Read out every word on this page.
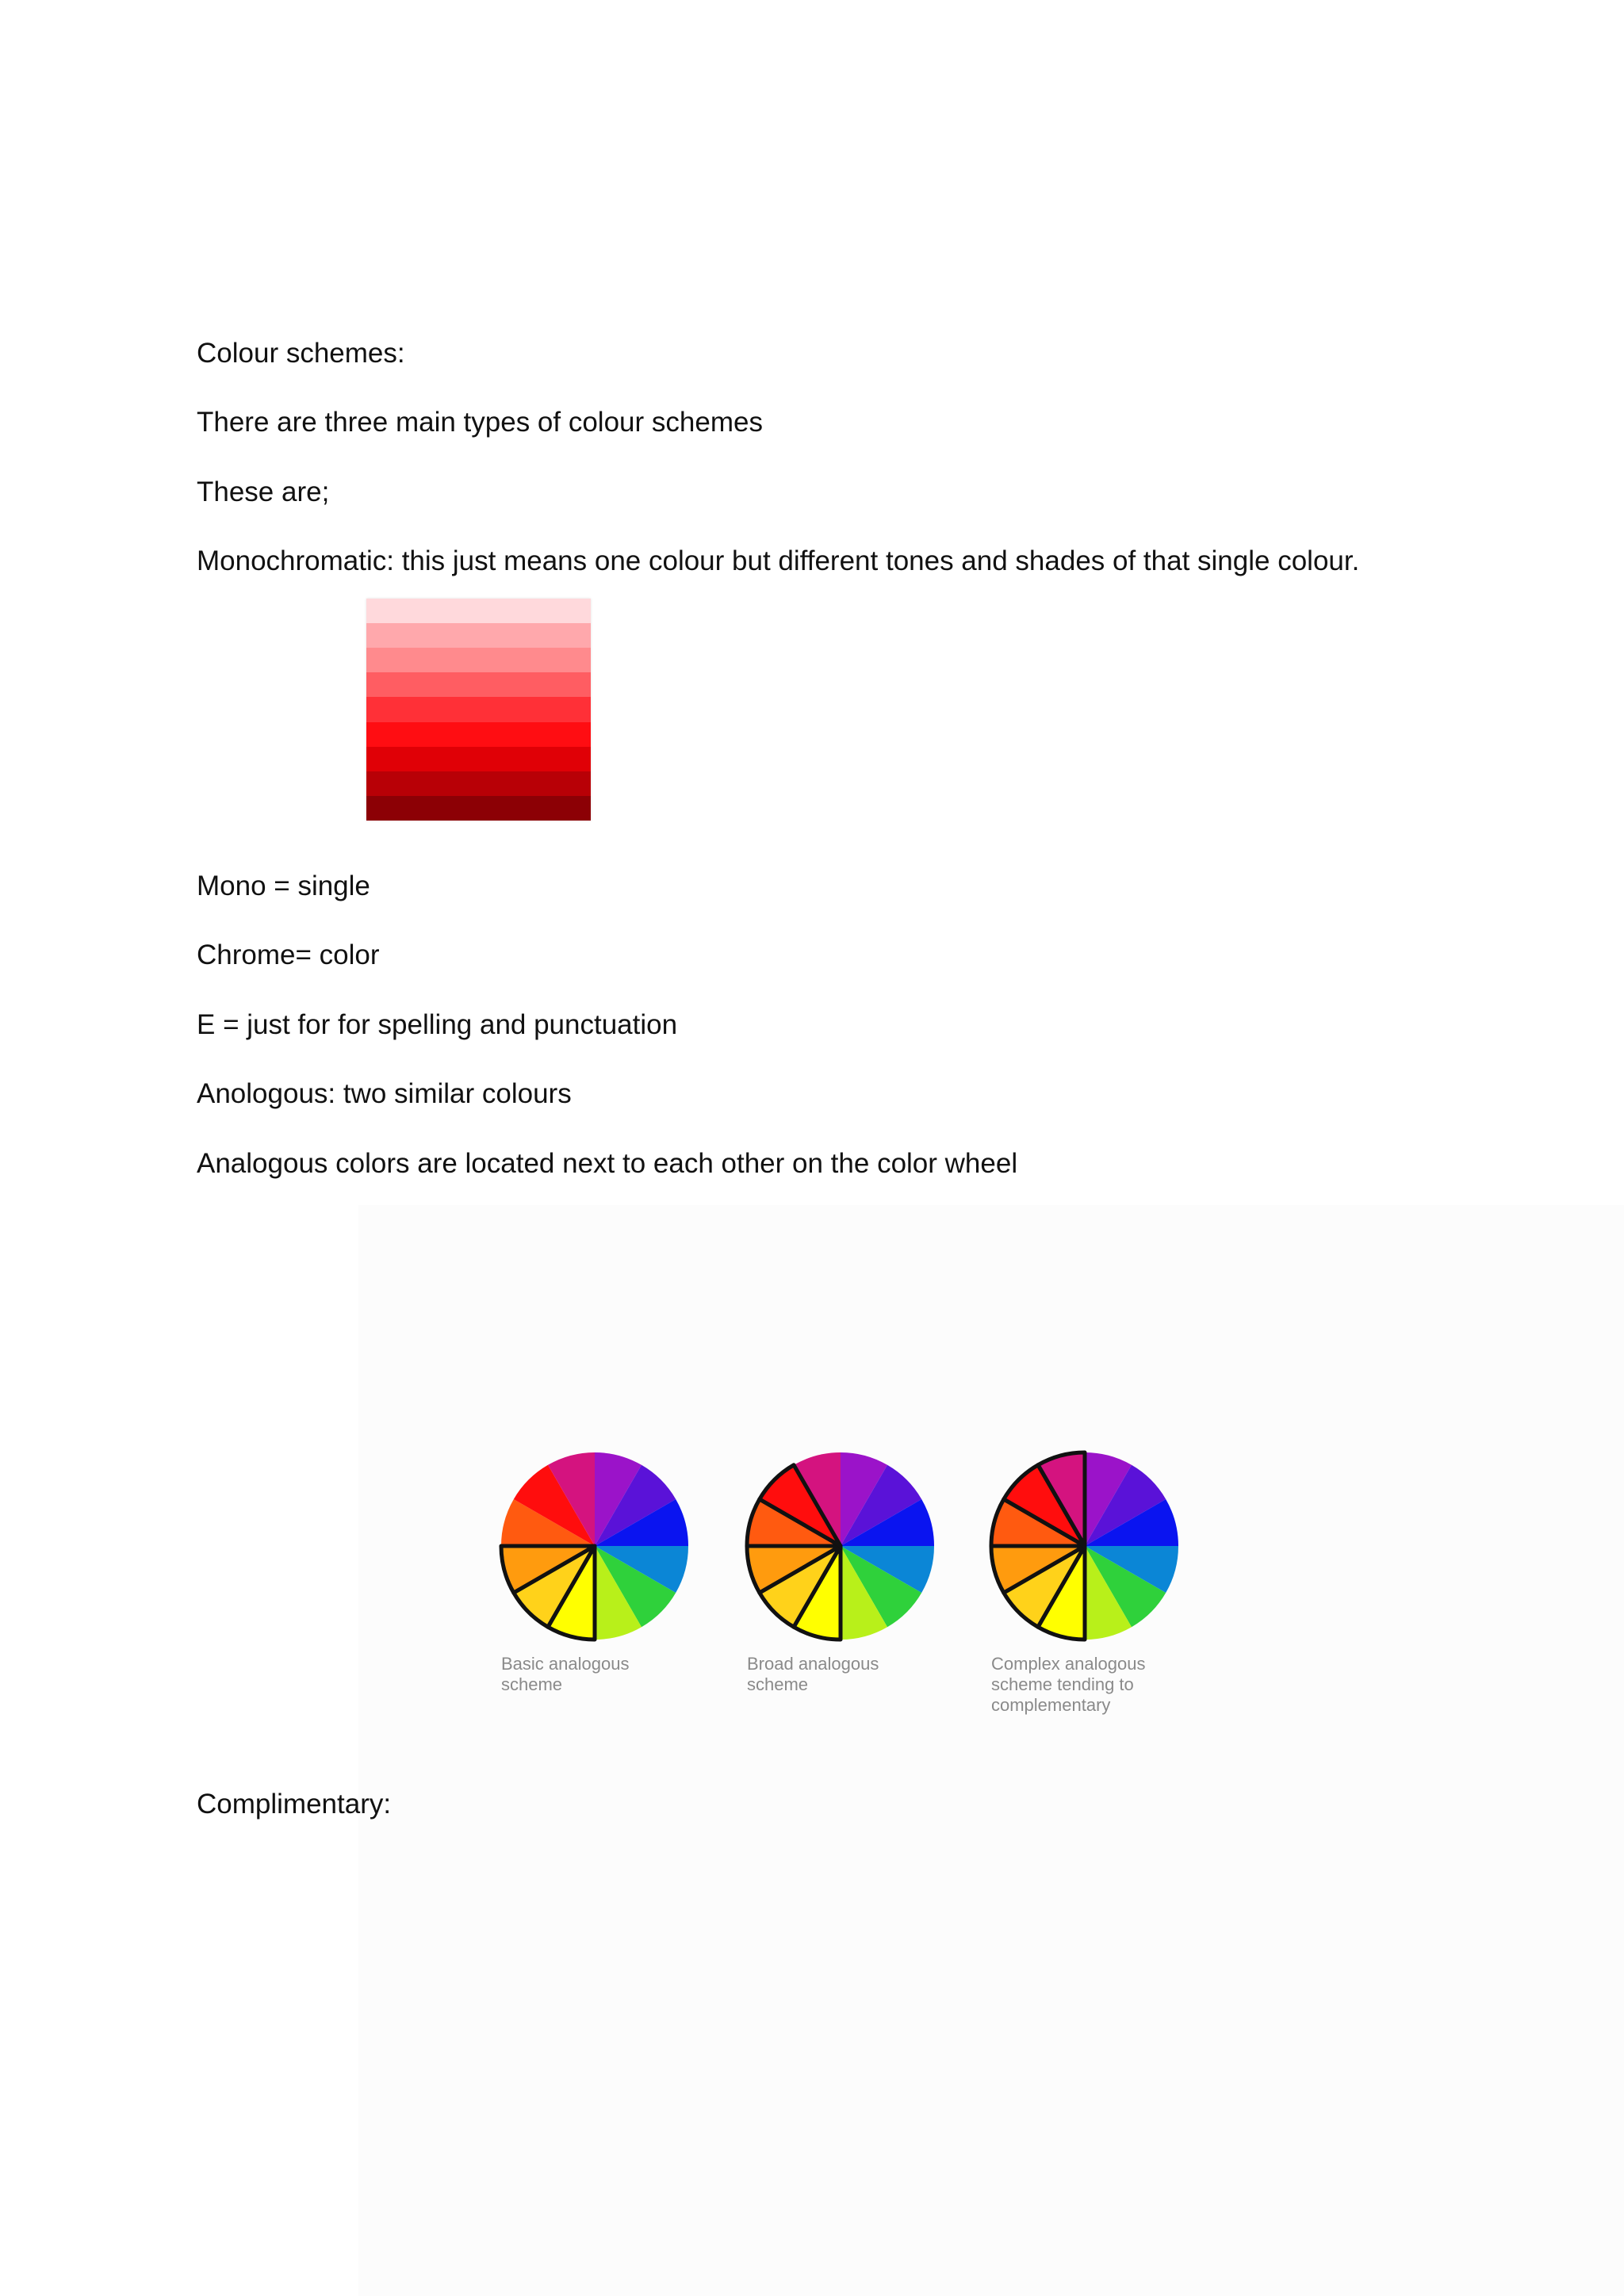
Colour schemes:

There are three main types of colour schemes

These are;

Monochromatic: this just means one colour but different tones and shades of that single colour.

Mono = single

Chrome= color

E = just for for spelling and punctuation

Anologous: two similar colours

Analogous colors are located next to each other on the color wheel

Basic analogous
scheme
Broad analogous
scheme
Complex analogous
scheme tending to
complementary

Complimentary:
